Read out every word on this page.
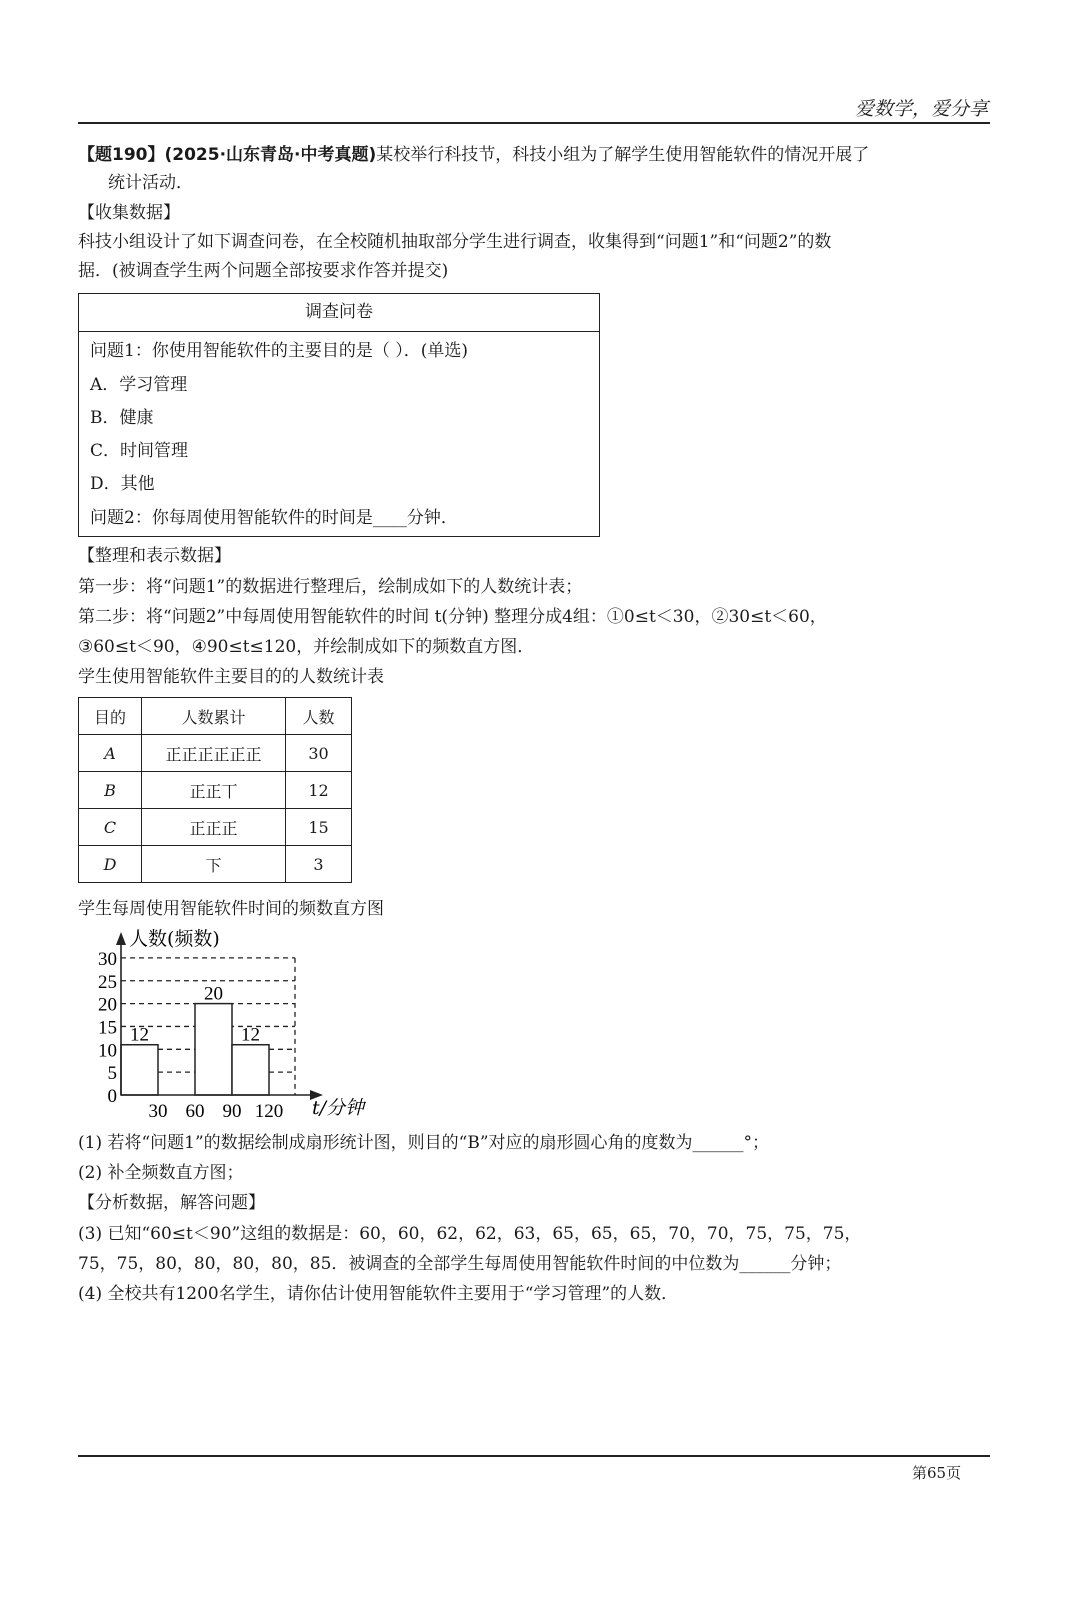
爱数学，爱分享
【题190】(2025·山东青岛·中考真题)某校举行科技节，科技小组为了解学生使用智能软件的情况开展了
统计活动．
【收集数据】
科技小组设计了如下调查问卷，在全校随机抽取部分学生进行调查，收集得到“问题1”和“问题2”的数
据．(被调查学生两个问题全部按要求作答并提交)
调查问卷
问题1：你使用智能软件的主要目的是（ ）．(单选)
A．学习管理
B．健康
C．时间管理
D．其他
问题2：你每周使用智能软件的时间是____分钟．
【整理和表示数据】
第一步：将“问题1”的数据进行整理后，绘制成如下的人数统计表；
第二步：将“问题2”中每周使用智能软件的时间 t(分钟) 整理分成4组：①0≤t＜30，②30≤t＜60，
③60≤t＜90，④90≤t≤120，并绘制成如下的频数直方图．
学生使用智能软件主要目的的人数统计表
目的	人数累计	人数
A	正正正正正正	30
B	正正丅	12
C	正正正	15
D	下	3
学生每周使用智能软件时间的频数直方图
12
20
12
0
5
10
15
20
25
30
30 60 90 120
人数(频数)
t/分钟
(1) 若将“问题1”的数据绘制成扇形统计图，则目的“B”对应的扇形圆心角的度数为______°；
(2) 补全频数直方图；
【分析数据，解答问题】
(3) 已知“60≤t＜90”这组的数据是：60，60，62，62，63，65，65，65，70，70，75，75，75，
75，75，80，80，80，80，85．被调查的全部学生每周使用智能软件时间的中位数为______分钟；
(4) 全校共有1200名学生，请你估计使用智能软件主要用于“学习管理”的人数．
第65页
